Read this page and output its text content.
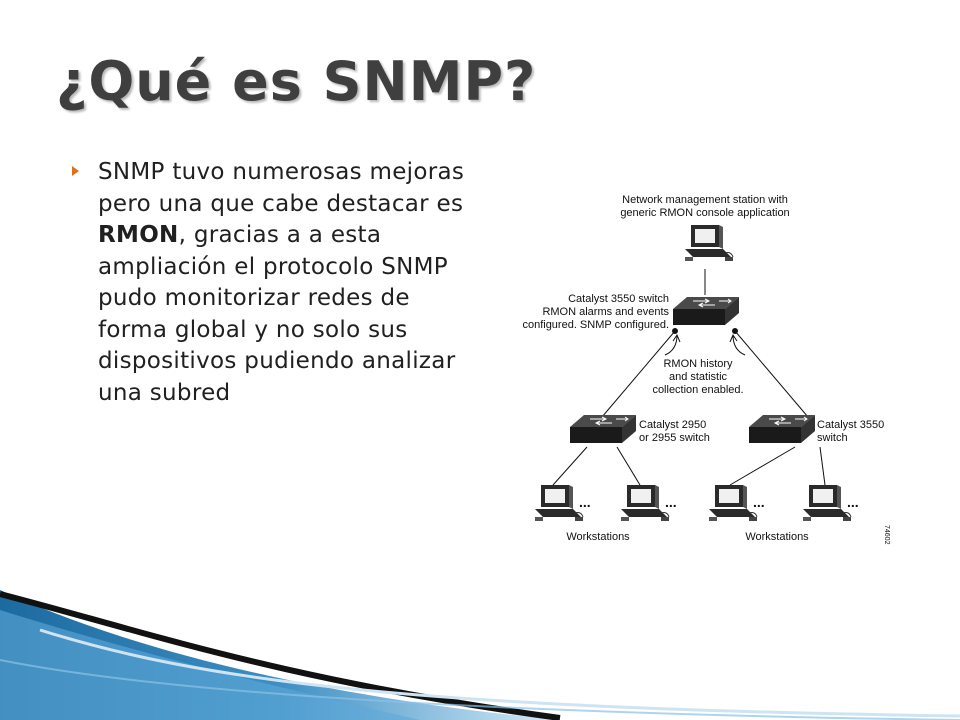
¿Qué es SNMP?

SNMP tuvo numerosas mejoras pero una que cabe destacar es RMON, gracias a a esta ampliación el protocolo SNMP pudo monitorizar redes de forma global y no solo sus dispositivos pudiendo analizar una subred

Network management station with
generic RMON console application
Catalyst 3550 switch
RMON alarms and events
configured. SNMP configured.
RMON history
and statistic
collection enabled.
Catalyst 2950
or 2955 switch
Catalyst 3550
switch
...	...	...	...
Workstations	Workstations	74602
